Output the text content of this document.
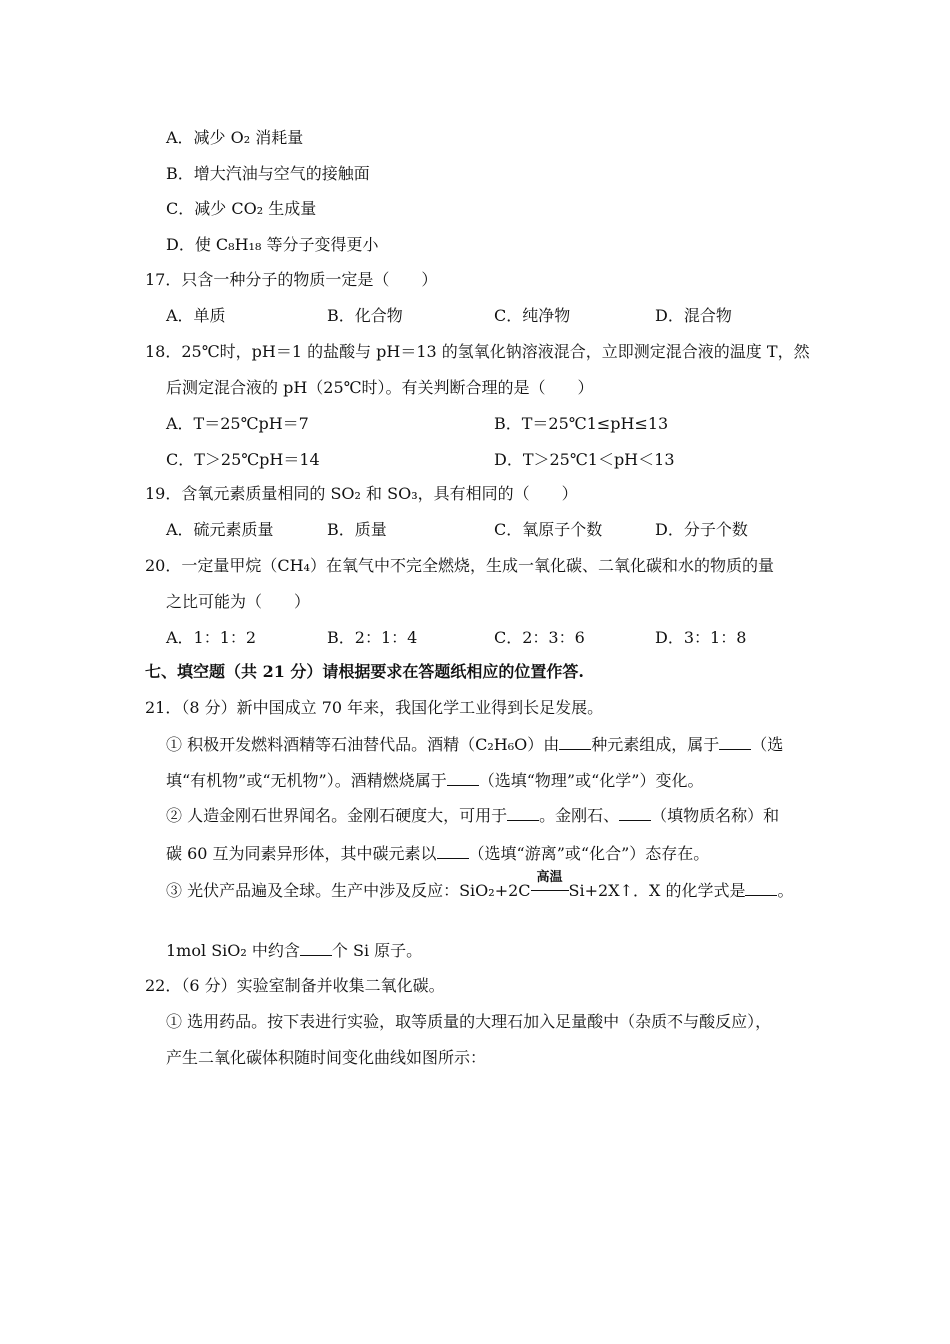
A．减少 O₂ 消耗量
B．增大汽油与空气的接触面
C．减少 CO₂ 生成量
D．使 C₈H₁₈ 等分子变得更小
17．只含一种分子的物质一定是（　　）
A．单质	B．化合物	C．纯净物	D．混合物
18．25℃时，pH＝1 的盐酸与 pH＝13 的氢氧化钠溶液混合，立即测定混合液的温度 T，然
后测定混合液的 pH（25℃时）。有关判断合理的是（　　）
A．T＝25℃pH＝7	B．T＝25℃1≤pH≤13
C．T＞25℃pH＝14	D．T＞25℃1＜pH＜13
19．含氧元素质量相同的 SO₂ 和 SO₃，具有相同的（　　）
A．硫元素质量	B．质量	C．氧原子个数	D．分子个数
20．一定量甲烷（CH₄）在氧气中不完全燃烧，生成一氧化碳、二氧化碳和水的物质的量
之比可能为（　　）
A．1：1：2	B．2：1：4	C．2：3：6	D．3：1：8
七、填空题（共 21 分）请根据要求在答题纸相应的位置作答.
21．（8 分）新中国成立 70 年来，我国化学工业得到长足发展。
① 积极开发燃料酒精等石油替代品。酒精（C₂H₆O）由 种元素组成，属于 （选
填“有机物”或“无机物”）。酒精燃烧属于 （选填“物理”或“化学”）变化。
② 人造金刚石世界闻名。金刚石硬度大，可用于 。金刚石、 （填物质名称）和
碳 60 互为同素异形体，其中碳元素以 （选填“游离”或“化合”）态存在。
③ 光伏产品遍及全球。生产中涉及反应：SiO₂+2C
高温
Si+2X↑．X 的化学式是 。
1mol SiO₂ 中约含 个 Si 原子。
22．（6 分）实验室制备并收集二氧化碳。
① 选用药品。按下表进行实验，取等质量的大理石加入足量酸中（杂质不与酸反应），
产生二氧化碳体积随时间变化曲线如图所示：
